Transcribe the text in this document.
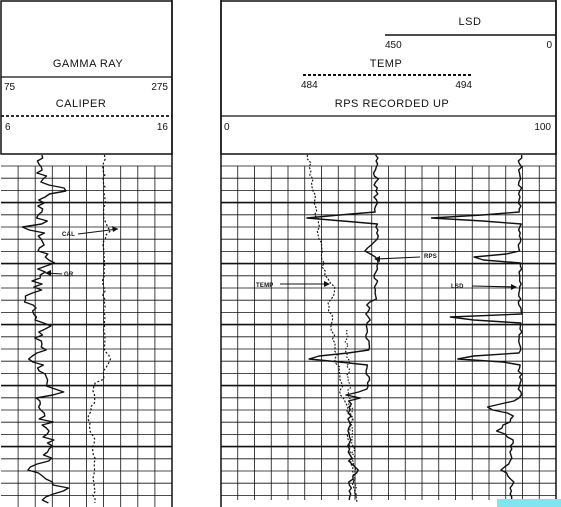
GAMMA RAY
75	275
CALIPER
6	16
LSD
450	0
TEMP
484	494
RPS RECORDED UP
0	100
CAL
GR
TEMP
RPS
LSD
